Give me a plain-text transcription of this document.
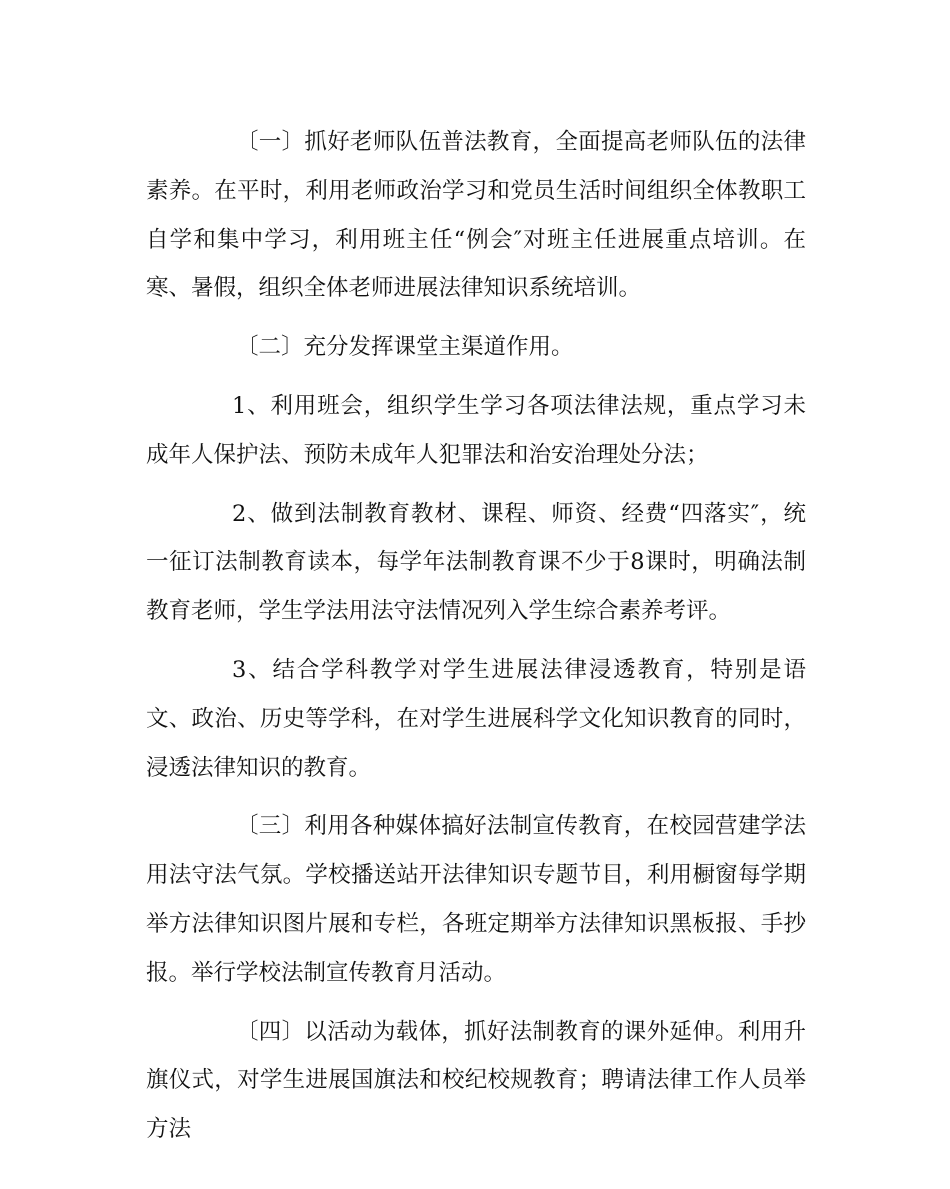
〔一〕抓好老师队伍普法教育，全面提高老师队伍的法律素养。在平时，利用老师政治学习和党员生活时间组织全体教职工自学和集中学习，利用班主任“例会″对班主任进展重点培训。在寒、暑假，组织全体老师进展法律知识系统培训。

〔二〕充分发挥课堂主渠道作用。

1、利用班会，组织学生学习各项法律法规，重点学习未成年人保护法、预防未成年人犯罪法和治安治理处分法；

2、做到法制教育教材、课程、师资、经费“四落实″，统一征订法制教育读本，每学年法制教育课不少于8课时，明确法制教育老师，学生学法用法守法情况列入学生综合素养考评。

3、结合学科教学对学生进展法律浸透教育，特别是语文、政治、历史等学科，在对学生进展科学文化知识教育的同时，浸透法律知识的教育。

〔三〕利用各种媒体搞好法制宣传教育，在校园营建学法用法守法气氛。学校播送站开法律知识专题节目，利用橱窗每学期举方法律知识图片展和专栏，各班定期举方法律知识黑板报、手抄报。举行学校法制宣传教育月活动。

〔四〕以活动为载体，抓好法制教育的课外延伸。利用升旗仪式，对学生进展国旗法和校纪校规教育；聘请法律工作人员举方法
